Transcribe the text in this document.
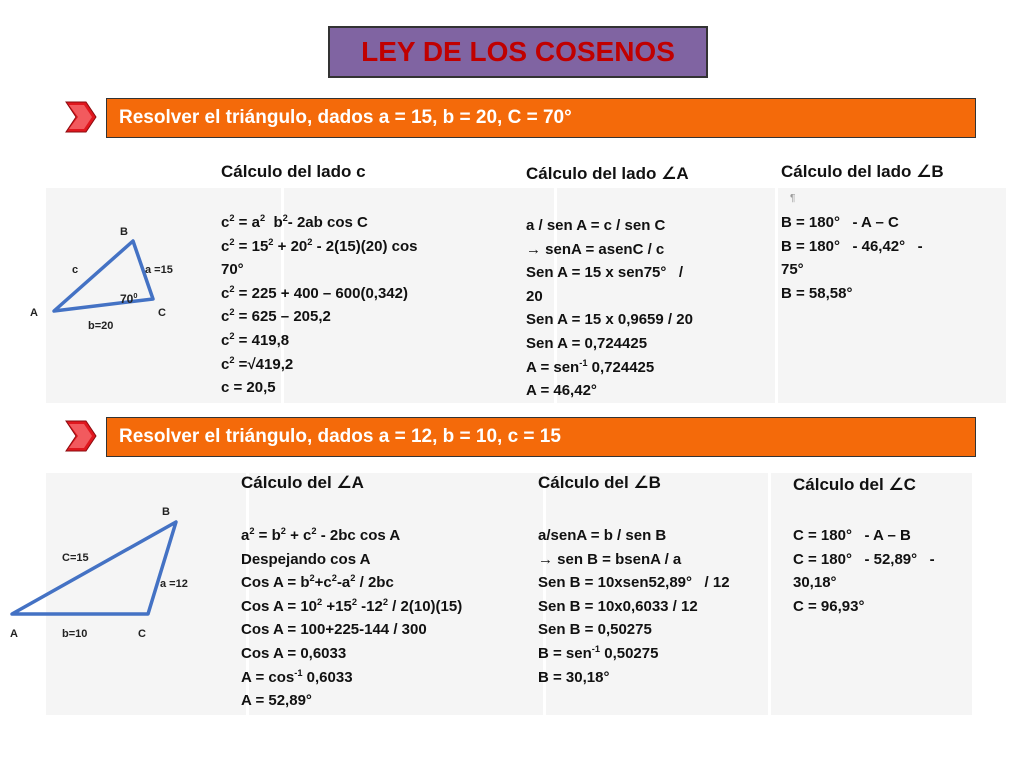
LEY DE LOS COSENOS
Resolver el triángulo, dados a = 15, b = 20, C = 70°
B
A	C
c	a =15
b=20
$70^0$
Cálculo del lado c
$c^2 = a^2$  $b^2-$ 2ab cos C
$c^2 = 15^2 + 20^2 - 2(15)(20)$ cos
70°
$c^2 = 225 + 400 - 600(0,342)$
$c^2 = 625 - 205,2$
$c^2 = 419,8$
$c^2 =√419,2$
c = 20,5
Cálculo del lado ∠A
a / sen A = c / sen C
→ senA = asenC / c
Sen A = 15 x sen75°   /
20
Sen A = 15 x 0,9659 / 20
Sen A = 0,724425
A = sen$^{-1}$ 0,724425
A = 46,42°
Cálculo del lado ∠B
¶
B = 180°   - A – C
B = 180°   - 46,42°   -
75°
B = 58,58°
Resolver el triángulo, dados a = 12, b = 10, c = 15
B
A	C
C=15
a =12
b=10
Cálculo del ∠A
$a^2 = b^2 + c^2 - 2bc$ cos A
Despejando cos A
Cos $A = b^2+c^2-a^2 / 2bc$
Cos $A = 10^2 +15^2$ $-12^2 / 2(10)(15)$
Cos A = 100+225-144 / 300
Cos A = 0,6033
$A = \cos^{-1} 0,6033$
A = 52,89°
Cálculo del ∠B
a/senA = b / sen B
→ sen B = bsenA / a
Sen B = 10xsen52,89°   / 12
Sen B = 10x0,6033 / 12
Sen B = 0,50275
B = sen$^{-1}$ 0,50275
B = 30,18°
Cálculo del ∠C
C = 180°   - A – B
C = 180°   - 52,89°   -
30,18°
C = 96,93°
